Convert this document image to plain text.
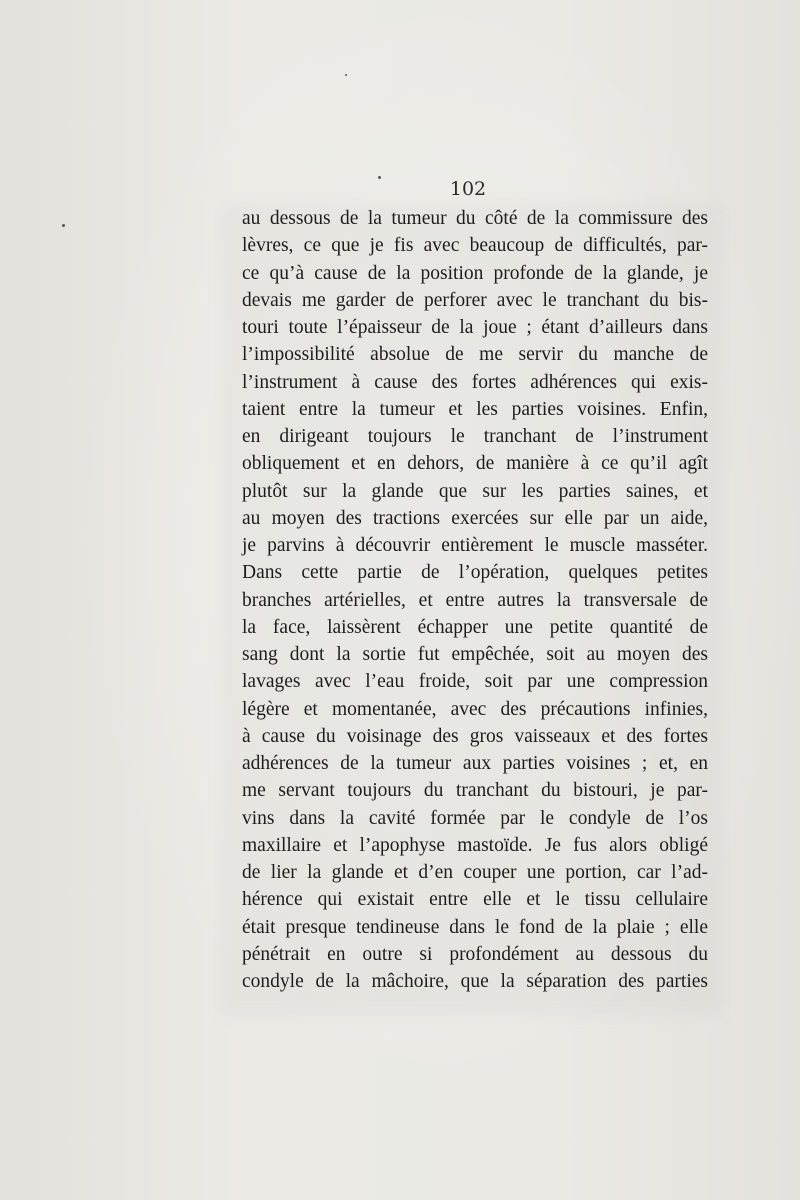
102
au dessous de la tumeur du côté de la commissure des
lèvres, ce que je fis avec beaucoup de difficultés, par-
ce qu’à cause de la position profonde de la glande, je
devais me garder de perforer avec le tranchant du bis-
touri toute l’épaisseur de la joue ; étant d’ailleurs dans
l’impossibilité absolue de me servir du manche de
l’instrument à cause des fortes adhérences qui exis-
taient entre la tumeur et les parties voisines. Enfin,
en dirigeant toujours le tranchant de l’instrument
obliquement et en dehors, de manière à ce qu’il agît
plutôt sur la glande que sur les parties saines, et
au moyen des tractions exercées sur elle par un aide,
je parvins à découvrir entièrement le muscle masséter.
Dans cette partie de l’opération, quelques petites
branches artérielles, et entre autres la transversale de
la face, laissèrent échapper une petite quantité de
sang dont la sortie fut empêchée, soit au moyen des
lavages avec l’eau froide, soit par une compression
légère et momentanée, avec des précautions infinies,
à cause du voisinage des gros vaisseaux et des fortes
adhérences de la tumeur aux parties voisines ; et, en
me servant toujours du tranchant du bistouri, je par-
vins dans la cavité formée par le condyle de l’os
maxillaire et l’apophyse mastoïde. Je fus alors obligé
de lier la glande et d’en couper une portion, car l’ad-
hérence qui existait entre elle et le tissu cellulaire
était presque tendineuse dans le fond de la plaie ; elle
pénétrait en outre si profondément au dessous du
condyle de la mâchoire, que la séparation des parties
